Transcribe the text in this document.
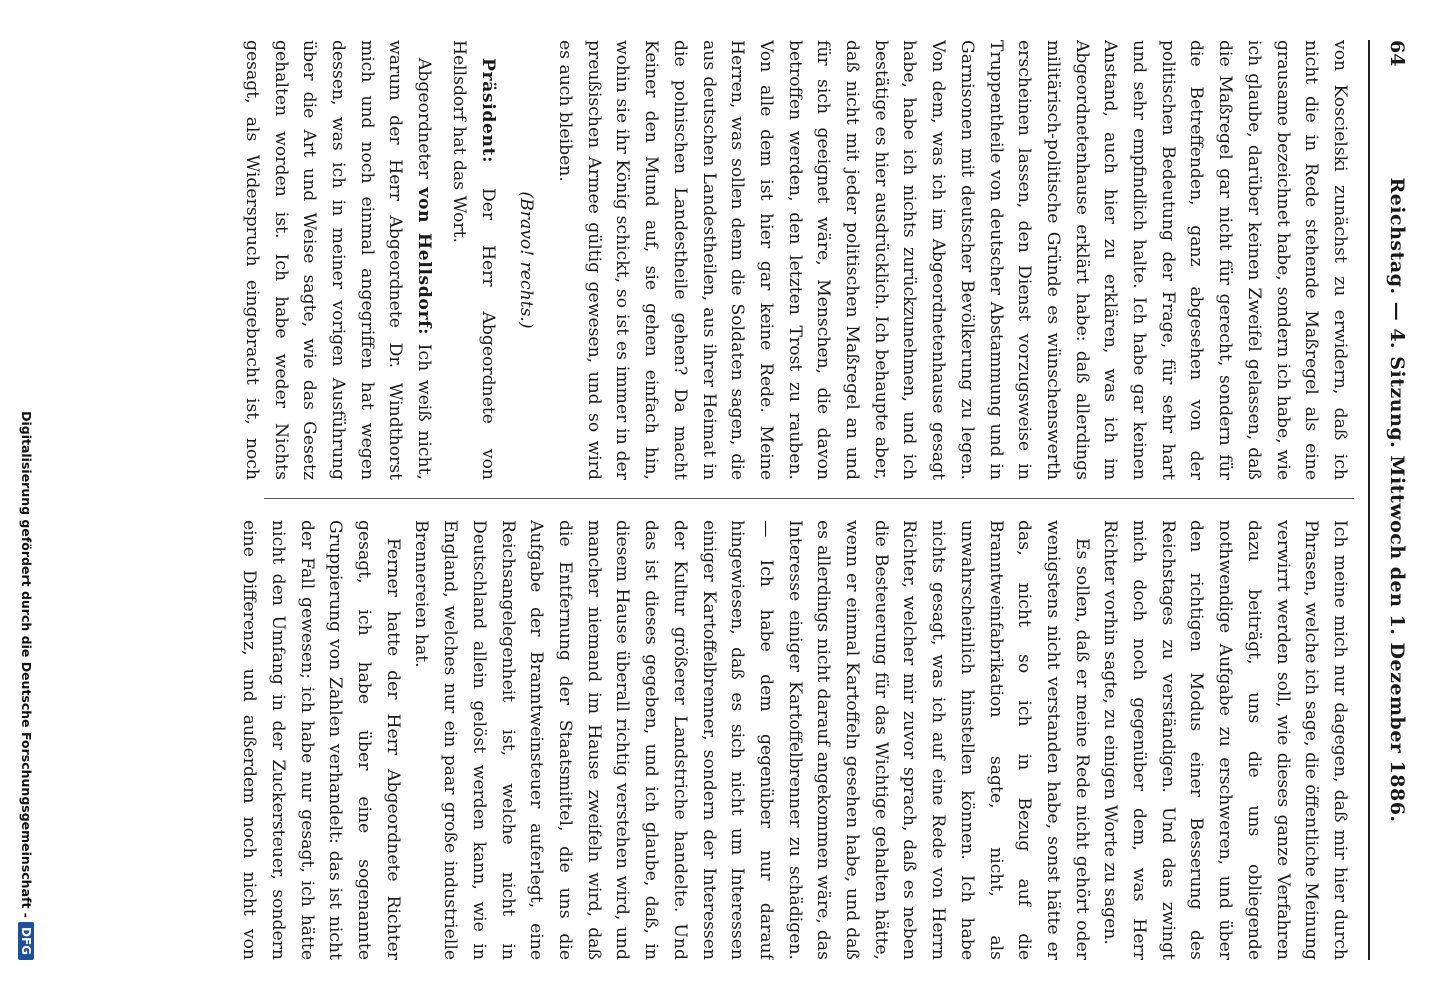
64
Reichstag. — 4. Sitzung. Mittwoch den 1. Dezember 1886.

von Koscielski zunächst zu erwidern, daß ich nicht die in Rede stehende Maßregel als eine grausame bezeichnet habe, sondern ich habe, wie ich glaube, darüber keinen Zweifel gelassen, daß die Maßregel gar nicht für gerecht, sondern für die Betreffenden, ganz abgesehen von der politischen Bedeutung der Frage, für sehr hart und sehr empfindlich halte. Ich habe gar keinen Anstand, auch hier zu erklären, was ich im Abgeordnetenhause erklärt habe: daß allerdings militärisch-politische Gründe es wünschenswerth erscheinen lassen, den Dienst vorzugsweise in Truppentheile von deutscher Abstammung und in Garnisonen mit deutscher Bevölkerung zu legen. Von dem, was ich im Abgeordnetenhause gesagt habe, habe ich nichts zurückzunehmen, und ich bestätige es hier ausdrücklich. Ich behaupte aber, daß nicht mit jeder politischen Maßregel an und für sich geeignet wäre, Menschen, die davon betroffen werden, den letzten Trost zu rauben. Von alle dem ist hier gar keine Rede. Meine Herren, was sollen denn die Soldaten sagen, die aus deutschen Landestheilen, aus ihrer Heimat in die polnischen Landestheile gehen? Da macht Keiner den Mund auf, sie gehen einfach hin, wohin sie ihr König schickt, so ist es immer in der preußischen Armee gültig gewesen, und so wird es auch bleiben.

(Bravo! rechts.)

Präsident: Der Herr Abgeordnete von Hellsdorf hat das Wort.

Abgeordneter von Hellsdorf: Ich weiß nicht, warum der Herr Abgeordnete Dr. Windthorst mich und noch einmal angegriffen hat wegen dessen, was ich in meiner vorigen Ausführung über die Art und Weise sagte, wie das Gesetz gehalten worden ist. Ich habe weder Nichts gesagt, als Widerspruch eingebracht ist, noch

Ich meine mich nur dagegen, daß mir hier durch Phrasen, welche ich sage, die öffentliche Meinung verwirrt werden soll, wie dieses ganze Verfahren dazu beiträgt, uns die uns obliegende nothwendige Aufgabe zu erschweren, und über den richtigen Modus einer Besserung des Reichstages zu verständigen. Und das zwingt mich doch noch gegenüber dem, was Herr Richter vorhin sagte, zu einigen Worte zu sagen.

Es sollen, daß er meine Rede nicht gehört oder wenigstens nicht verstanden habe, sonst hätte er das, nicht so ich in Bezug auf die Branntweinfabrikation sagte, nicht, als unwahrscheinlich hinstellen können. Ich habe nichts gesagt, was ich auf eine Rede von Herrn Richter, welcher mir zuvor sprach, daß es neben die Besteuerung für das Wichtige gehalten hätte, wenn er einmal Kartoffeln gesehen habe, und daß es allerdings nicht darauf angekommen wäre, das Interesse einiger Kartoffelbrenner zu schädigen. — Ich habe dem gegenüber nur darauf hingewiesen, daß es sich nicht um Interessen einiger Kartoffelbrenner, sondern der Interessen der Kultur größerer Landstriche handelte. Und das ist dieses gegeben, und ich glaube, daß, in diesem Hause überall richtig verstehen wird, und mancher niemand im Hause zweifeln wird, daß die Entfernung der Staatsmittel, die uns die Aufgabe der Branntweinsteuer auferlegt, eine Reichsangelegenheit ist, welche nicht in Deutschland allein gelöst werden kann, wie in England, welches nur ein paar große industrielle Brennereien hat.

Ferner hatte der Herr Abgeordnete Richter gesagt, ich habe über eine sogenannte Gruppierung von Zahlen verhandelt: das ist nicht der Fall gewesen; ich habe nur gesagt, ich hätte nicht den Umfang in der Zuckersteuer, sondern eine Differenz, und außerdem noch nicht von

Digitalisierung gefördert durch die Deutsche Forschungsgemeinschaft -DFG
